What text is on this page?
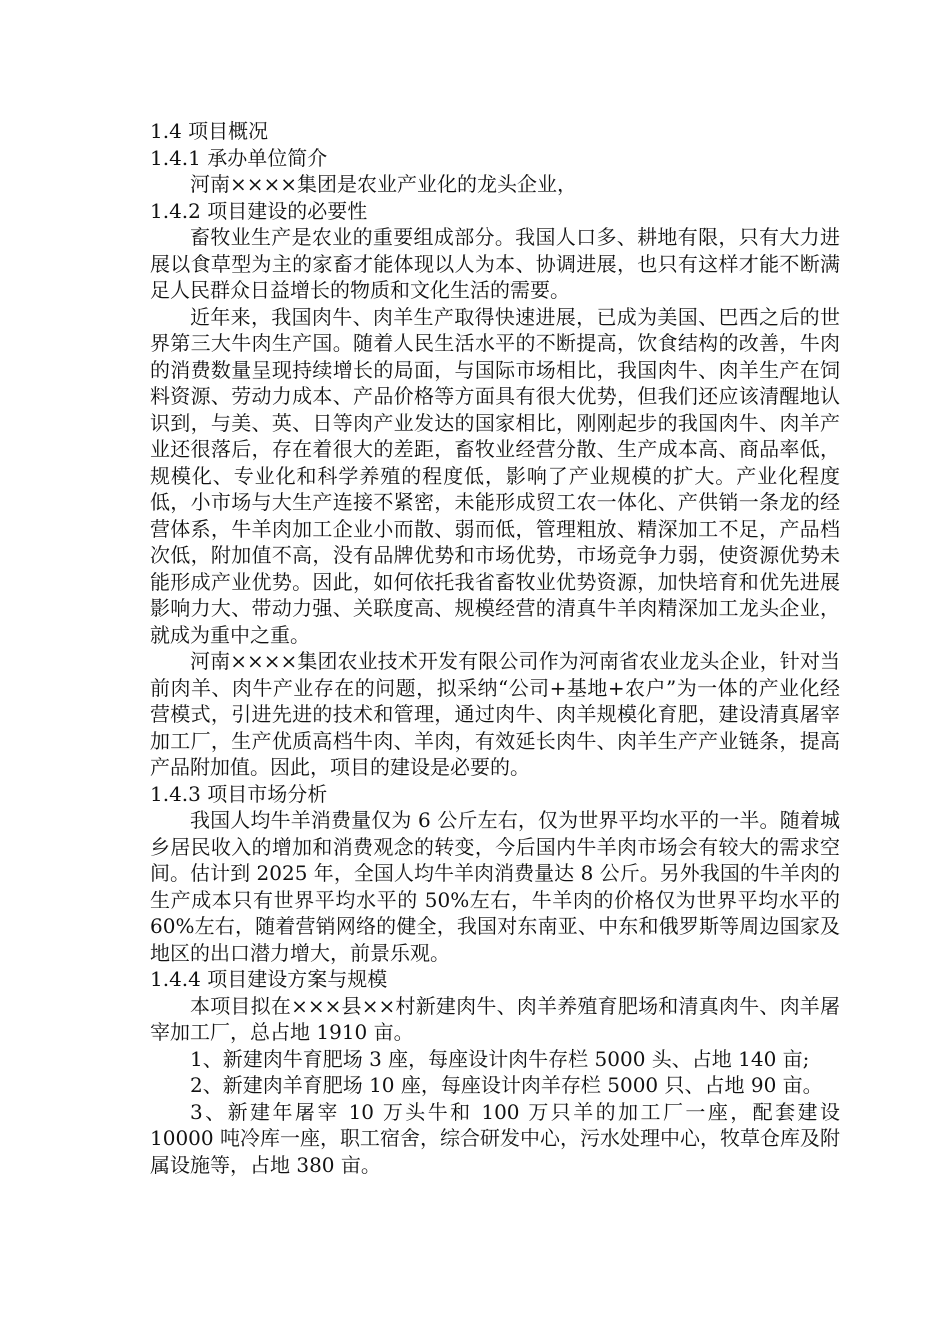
1.4 项目概况
1.4.1 承办单位简介

河南××××集团是农业产业化的龙头企业，

1.4.2 项目建设的必要性

畜牧业生产是农业的重要组成部分。我国人口多、耕地有限，只有大力进展以食草型为主的家畜才能体现以人为本、协调进展，也只有这样才能不断满足人民群众日益增长的物质和文化生活的需要。

近年来，我国肉牛、肉羊生产取得快速进展，已成为美国、巴西之后的世界第三大牛肉生产国。随着人民生活水平的不断提高，饮食结构的改善，牛肉的消费数量呈现持续增长的局面，与国际市场相比，我国肉牛、肉羊生产在饲料资源、劳动力成本、产品价格等方面具有很大优势，但我们还应该清醒地认识到，与美、英、日等肉产业发达的国家相比，刚刚起步的我国肉牛、肉羊产业还很落后，存在着很大的差距，畜牧业经营分散、生产成本高、商品率低，规模化、专业化和科学养殖的程度低，影响了产业规模的扩大。产业化程度低，小市场与大生产连接不紧密，未能形成贸工农一体化、产供销一条龙的经营体系，牛羊肉加工企业小而散、弱而低，管理粗放、精深加工不足，产品档次低，附加值不高，没有品牌优势和市场优势，市场竞争力弱，使资源优势未能形成产业优势。因此，如何依托我省畜牧业优势资源，加快培育和优先进展影响力大、带动力强、关联度高、规模经营的清真牛羊肉精深加工龙头企业，就成为重中之重。

河南××××集团农业技术开发有限公司作为河南省农业龙头企业，针对当前肉羊、肉牛产业存在的问题，拟采纳“公司+基地+农户”为一体的产业化经营模式，引进先进的技术和管理，通过肉牛、肉羊规模化育肥，建设清真屠宰加工厂，生产优质高档牛肉、羊肉，有效延长肉牛、肉羊生产产业链条，提高产品附加值。因此，项目的建设是必要的。

1.4.3 项目市场分析

我国人均牛羊消费量仅为 6 公斤左右，仅为世界平均水平的一半。随着城乡居民收入的增加和消费观念的转变，今后国内牛羊肉市场会有较大的需求空间。估计到 2025 年，全国人均牛羊肉消费量达 8 公斤。另外我国的牛羊肉的生产成本只有世界平均水平的 50%左右，牛羊肉的价格仅为世界平均水平的 60%左右，随着营销网络的健全，我国对东南亚、中东和俄罗斯等周边国家及地区的出口潜力增大，前景乐观。

1.4.4 项目建设方案与规模

本项目拟在×××县××村新建肉牛、肉羊养殖育肥场和清真肉牛、肉羊屠宰加工厂，总占地 1910 亩。

1、新建肉牛育肥场 3 座，每座设计肉牛存栏 5000 头、占地 140 亩;

2、新建肉羊育肥场 10 座，每座设计肉羊存栏 5000 只、占地 90 亩。

3、新建年屠宰 10 万头牛和 100 万只羊的加工厂一座，配套建设 10000 吨冷库一座，职工宿舍，综合研发中心，污水处理中心，牧草仓库及附属设施等，占地 380 亩。
